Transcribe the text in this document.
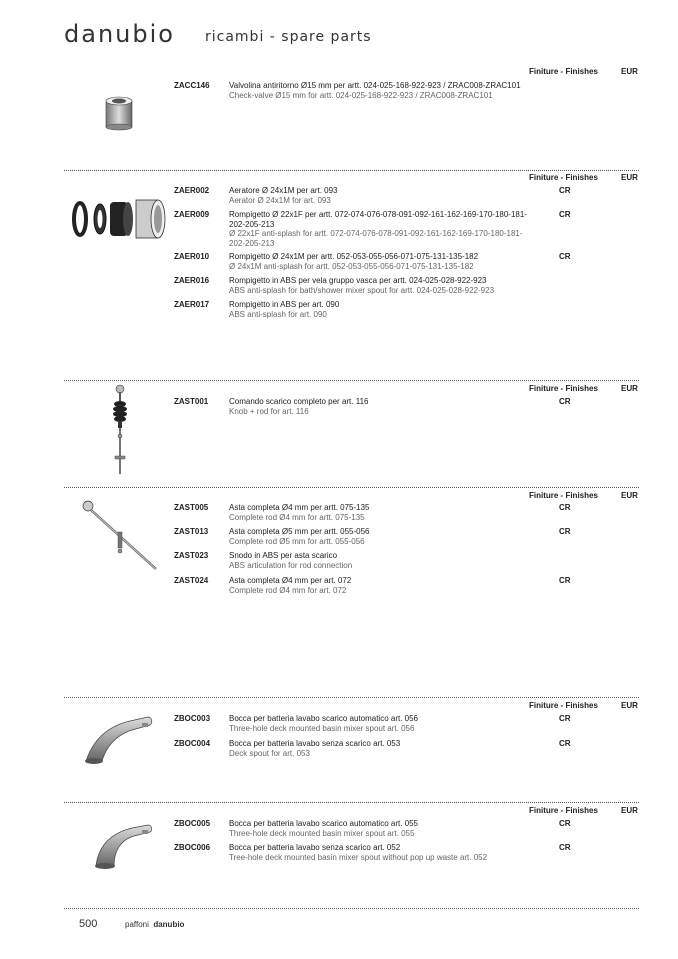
danubio ricambi - spare parts
Finiture - Finishes	EUR
ZACC146 Valvolina antiritorno Ø15 mm per artt. 024-025-168-922-923 / ZRAC008-ZRAC101
Check-valve Ø15 mm for artt. 024-025-168-922-923 / ZRAC008-ZRAC101
Finiture - Finishes	EUR
ZAER002 Aeratore Ø 24x1M per art. 093
Aerator Ø 24x1M for art. 093
CR
ZAER009 Rompigetto Ø 22x1F per artt. 072-074-076-078-091-092-161-162-169-170-180-181-202-205-213
Ø 22x1F anti-splash for artt. 072-074-076-078-091-092-161-162-169-170-180-181-202-205-213
CR
ZAER010 Rompigetto Ø 24x1M per artt. 052-053-055-056-071-075-131-135-182
Ø 24x1M anti-splash for artt. 052-053-055-056-071-075-131-135-182
CR
ZAER016 Rompigetto in ABS per vela gruppo vasca per artt. 024-025-028-922-923
ABS anti-splash for bath/shower mixer spout for artt. 024-025-028-922-923
ZAER017 Rompigetto in ABS per art. 090
ABS anti-splash for art. 090
Finiture - Finishes	EUR
ZAST001	Comando scarico completo per art. 116
Knob + rod for art. 116
CR
Finiture - Finishes	EUR
ZAST005	Asta completa Ø4 mm per artt. 075-135
Complete rod Ø4 mm for artt. 075-135
CR
ZAST013	Asta completa Ø5 mm per artt. 055-056
Complete rod Ø5 mm for artt. 055-056
CR
ZAST023	Snodo in ABS per asta scarico
ABS articulation for rod connection
ZAST024	Asta completa Ø4 mm per art. 072
Complete rod Ø4 mm for art. 072
CR
Finiture - Finishes	EUR
ZBOC003 Bocca per batteria lavabo scarico automatico art. 056
Three-hole deck mounted basin mixer spout art. 056
CR
ZBOC004 Bocca per batteria lavabo senza scarico art. 053
Deck spout for art. 053
CR
Finiture - Finishes	EUR
ZBOC005 Bocca per batteria lavabo scarico automatico art. 055
Three-hole deck mounted basin mixer spout art. 055
CR
ZBOC006 Bocca per batteria lavabo senza scarico art. 052
Tree-hole deck mounted basin mixer spout without pop up waste art. 052
CR
500	paffoni danubio
